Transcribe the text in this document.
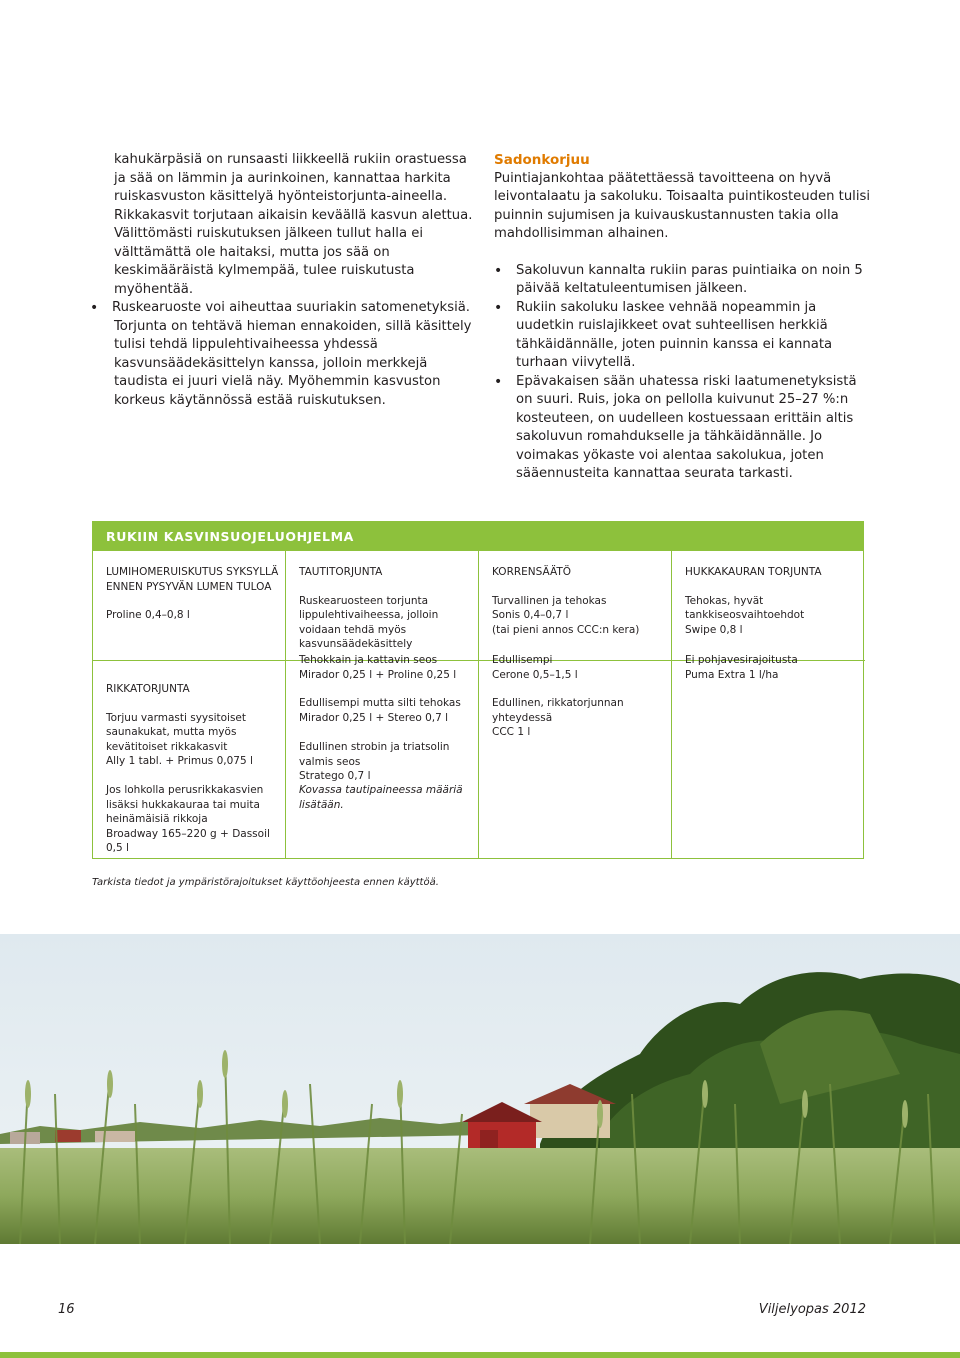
kahukärpäsiä on runsaasti liikkeellä rukiin orastuessa ja sää on lämmin ja aurinkoinen, kannattaa harkita ruiskasvuston käsittelyä hyönteistorjunta-aineella. Rikkakasvit torjutaan aikaisin keväällä kasvun alettua. Välittömästi ruiskutuksen jälkeen tullut halla ei välttämättä ole haitaksi, mutta jos sää on keskimääräistä kylmempää, tulee ruiskutusta myöhentää.

• Ruskearuoste voi aiheuttaa suuriakin satomenetyksiä.

Torjunta on tehtävä hieman ennakoiden, sillä käsittely tulisi tehdä lippulehtivaiheessa yhdessä kasvunsäädekäsittelyn kanssa, jolloin merkkejä taudista ei juuri vielä näy. Myöhemmin kasvuston korkeus käytännössä estää ruiskutuksen.

Sadonkorjuu

Puintiajankohtaa päätettäessä tavoitteena on hyvä leivontalaatu ja sakoluku. Toisaalta puintikosteuden tulisi puinnin sujumisen ja kuivauskustannusten takia olla mahdollisimman alhainen.

• Sakoluvun kannalta rukiin paras puintiaika on noin 5 päivää keltatuleentumisen jälkeen.
• Rukiin sakoluku laskee vehnää nopeammin ja uudetkin ruislajikkeet ovat suhteellisen herkkiä tähkäidännälle, joten puinnin kanssa ei kannata turhaan viivytellä.
• Epävakaisen sään uhatessa riski laatumenetyksistä on suuri. Ruis, joka on pellolla kuivunut 25–27 %:n kosteuteen, on uudelleen kostuessaan erittäin altis sakoluvun romahdukselle ja tähkäidännälle. Jo voimakas yökaste voi alentaa sakolukua, joten sääennusteita kannattaa seurata tarkasti.
RUKIIN KASVINSUOJELUOHJELMA
LUMIHOMERUISKUTUS SYKSYLLÄ ENNEN PYSYVÄN LUMEN TULOA
Proline 0,4–0,8 l
RIKKATORJUNTA
Torjuu varmasti syysitoiset saunakukat, mutta myös kevätitoiset rikkakasvit
Ally 1 tabl. + Primus 0,075 l
Jos lohkolla perusrikkakasvien lisäksi hukkakauraa tai muita heinämäisiä rikkoja
Broadway 165–220 g + Dassoil 0,5 l
TAUTITORJUNTA
Ruskearuosteen torjunta lippulehtivaiheessa, jolloin voidaan tehdä myös kasvunsäädekäsittely
Tehokkain ja kattavin seos
Mirador 0,25 l + Proline 0,25 l
Edullisempi mutta silti tehokas
Mirador 0,25 l + Stereo 0,7 l
Edullinen strobin ja triatsolin valmis seos
Stratego 0,7 l
Kovassa tautipaineessa määriä lisätään.
KORRENSÄÄTÖ
Turvallinen ja tehokas
Sonis 0,4–0,7 l
(tai pieni annos CCC:n kera)
Edullisempi
Cerone 0,5–1,5 l
Edullinen, rikkatorjunnan yhteydessä
CCC 1 l
HUKKAKAURAN TORJUNTA
Tehokas, hyvät tankkiseosvaihtoehdot
Swipe 0,8 l
Ei pohjavesirajoitusta
Puma Extra 1 l/ha
Tarkista tiedot ja ympäristörajoitukset käyttöohjeesta ennen käyttöä.
16	Viljelyopas 2012
